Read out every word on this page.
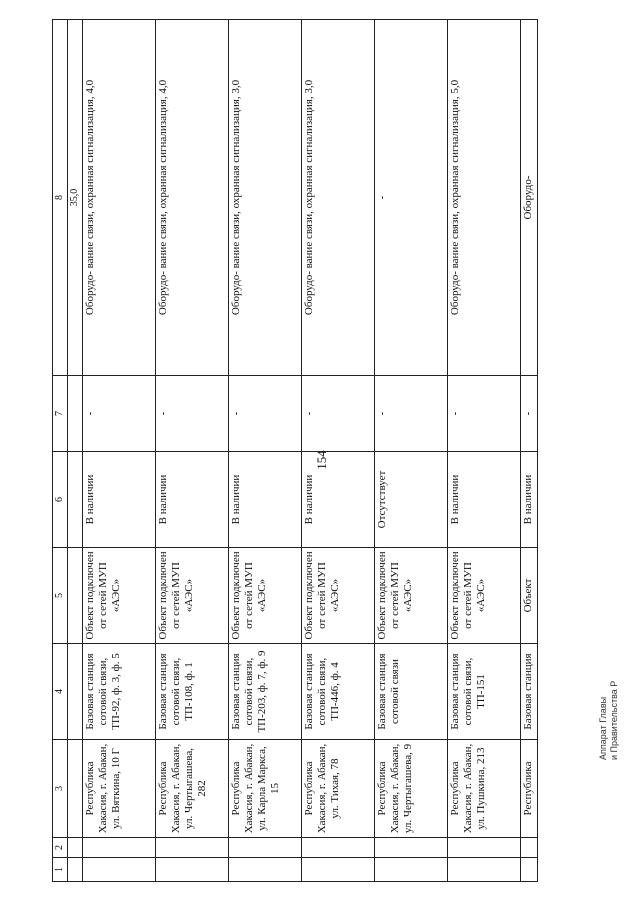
154
1	2	3	4	5	6	7	8
							35,0
		Республика Хакасия, г. Абакан, ул. Вяткина, 10 Г	Базовая станция сотовой связи, ТП-92, ф. 3, ф. 5	Объект подключен от сетей МУП «АЭС»	В наличии	-	Оборудо- вание связи, охранная сигнализация, 4,0
		Республика Хакасия, г. Абакан, ул. Чертыгашева, 282	Базовая станция сотовой связи, ТП-108, ф. 1	Объект подключен от сетей МУП «АЭС»	В наличии	-	Оборудо- вание связи, охранная сигнализация, 4,0
		Республика Хакасия, г. Абакан, ул. Карла Маркса, 15	Базовая станция сотовой связи, ТП-203, ф. 7, ф. 9	Объект подключен от сетей МУП «АЭС»	В наличии	-	Оборудо- вание связи, охранная сигнализация, 3,0
		Республика Хакасия, г. Абакан, ул. Тихая, 78	Базовая станция сотовой связи, ТП-446, ф. 4	Объект подключен от сетей МУП «АЭС»	В наличии	-	Оборудо- вание связи, охранная сигнализация, 3,0
		Республика Хакасия, г. Абакан, ул. Чертыгашева, 9	Базовая станция сотовой связи	Объект подключен от сетей МУП «АЭС»	Отсутствует	-	-
		Республика Хакасия, г. Абакан, ул. Пушкина, 213	Базовая станция сотовой связи, ТП-151	Объект подключен от сетей МУП «АЭС»	В наличии	-	Оборудо- вание связи, охранная сигнализация, 5,0
		Республика	Базовая станция	Объект	В наличии	-	Оборудо-
Аппарат Главы и Правительства Р
